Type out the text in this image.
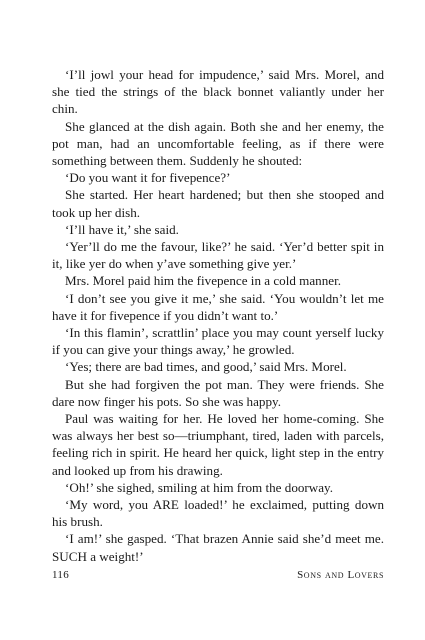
‘I’ll jowl your head for impudence,’ said Mrs. Morel, and she tied the strings of the black bonnet valiantly under her chin.

She glanced at the dish again. Both she and her enemy, the pot man, had an uncomfortable feeling, as if there were something between them. Suddenly he shouted:

‘Do you want it for fivepence?’

She started. Her heart hardened; but then she stooped and took up her dish.

‘I’ll have it,’ she said.

‘Yer’ll do me the favour, like?’ he said. ‘Yer’d better spit in it, like yer do when y’ave something give yer.’

Mrs. Morel paid him the fivepence in a cold manner.

‘I don’t see you give it me,’ she said. ‘You wouldn’t let me have it for fivepence if you didn’t want to.’

‘In this flamin’, scrattlin’ place you may count yerself lucky if you can give your things away,’ he growled.

‘Yes; there are bad times, and good,’ said Mrs. Morel.

But she had forgiven the pot man. They were friends. She dare now finger his pots. So she was happy.

Paul was waiting for her. He loved her home-coming. She was always her best so—triumphant, tired, laden with parcels, feeling rich in spirit. He heard her quick, light step in the entry and looked up from his drawing.

‘Oh!’ she sighed, smiling at him from the doorway.

‘My word, you ARE loaded!’ he exclaimed, putting down his brush.

‘I am!’ she gasped. ‘That brazen Annie said she’d meet me. SUCH a weight!’

116	Sons and Lovers
